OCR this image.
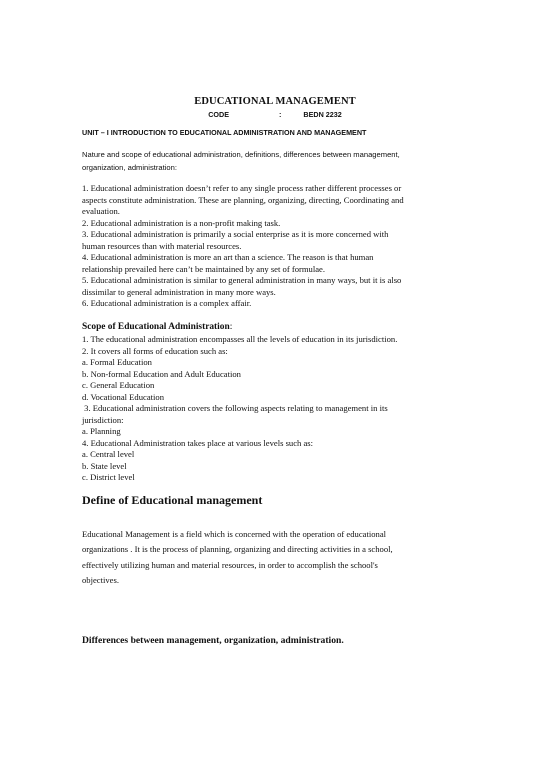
EDUCATIONAL MANAGEMENT
CODE	:	BEDN 2232
UNIT – I INTRODUCTION TO EDUCATIONAL ADMINISTRATION AND MANAGEMENT
Nature and scope of educational administration, definitions, differences between management,
organization, administration:
1. Educational administration doesn’t refer to any single process rather different processes or
aspects constitute administration. These are planning, organizing, directing, Coordinating and
evaluation.
2. Educational administration is a non-profit making task.
3. Educational administration is primarily a social enterprise as it is more concerned with
human resources than with material resources.
4. Educational administration is more an art than a science. The reason is that human
relationship prevailed here can’t be maintained by any set of formulae.
5. Educational administration is similar to general administration in many ways, but it is also
dissimilar to general administration in many more ways.
6. Educational administration is a complex affair.
Scope of Educational Administration:
1. The educational administration encompasses all the levels of education in its jurisdiction.
2. It covers all forms of education such as:
a. Formal Education
b. Non-formal Education and Adult Education
c. General Education
d. Vocational Education
3. Educational administration covers the following aspects relating to management in its
jurisdiction:
a. Planning
4. Educational Administration takes place at various levels such as:
a. Central level
b. State level
c. District level
Define of Educational management
Educational Management is a field which is concerned with the operation of educational
organizations . It is the process of planning, organizing and directing activities in a school,
effectively utilizing human and material resources, in order to accomplish the school's
objectives.
Differences between management, organization, administration.
